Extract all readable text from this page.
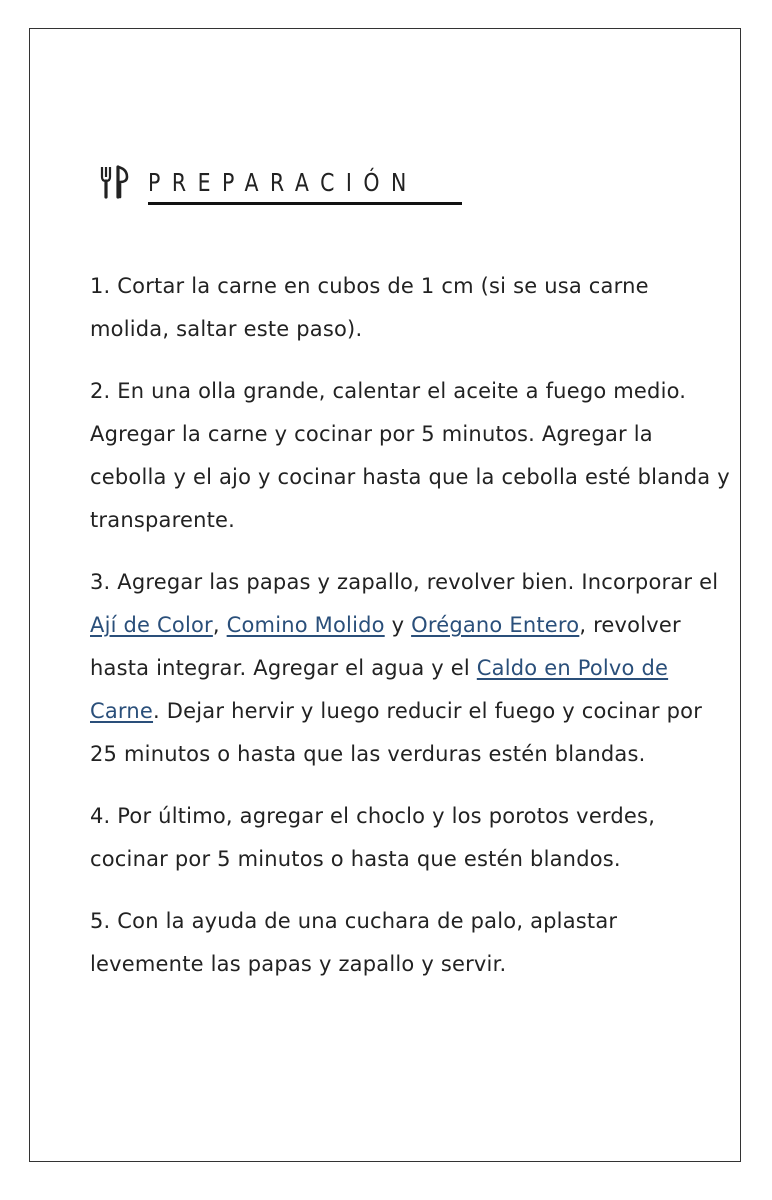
PREPARACIÓN
1. Cortar la carne en cubos de 1 cm (si se usa carne molida, saltar este paso).
2. En una olla grande, calentar el aceite a fuego medio. Agregar la carne y cocinar por 5 minutos. Agregar la cebolla y el ajo y cocinar hasta que la cebolla esté blanda y transparente.
3. Agregar las papas y zapallo, revolver bien. Incorporar el Ají de Color, Comino Molido y Orégano Entero, revolver hasta integrar. Agregar el agua y el Caldo en Polvo de Carne. Dejar hervir y luego reducir el fuego y cocinar por 25 minutos o hasta que las verduras estén blandas.
4. Por último, agregar el choclo y los porotos verdes, cocinar por 5 minutos o hasta que estén blandos.
5. Con la ayuda de una cuchara de palo, aplastar levemente las papas y zapallo y servir.
